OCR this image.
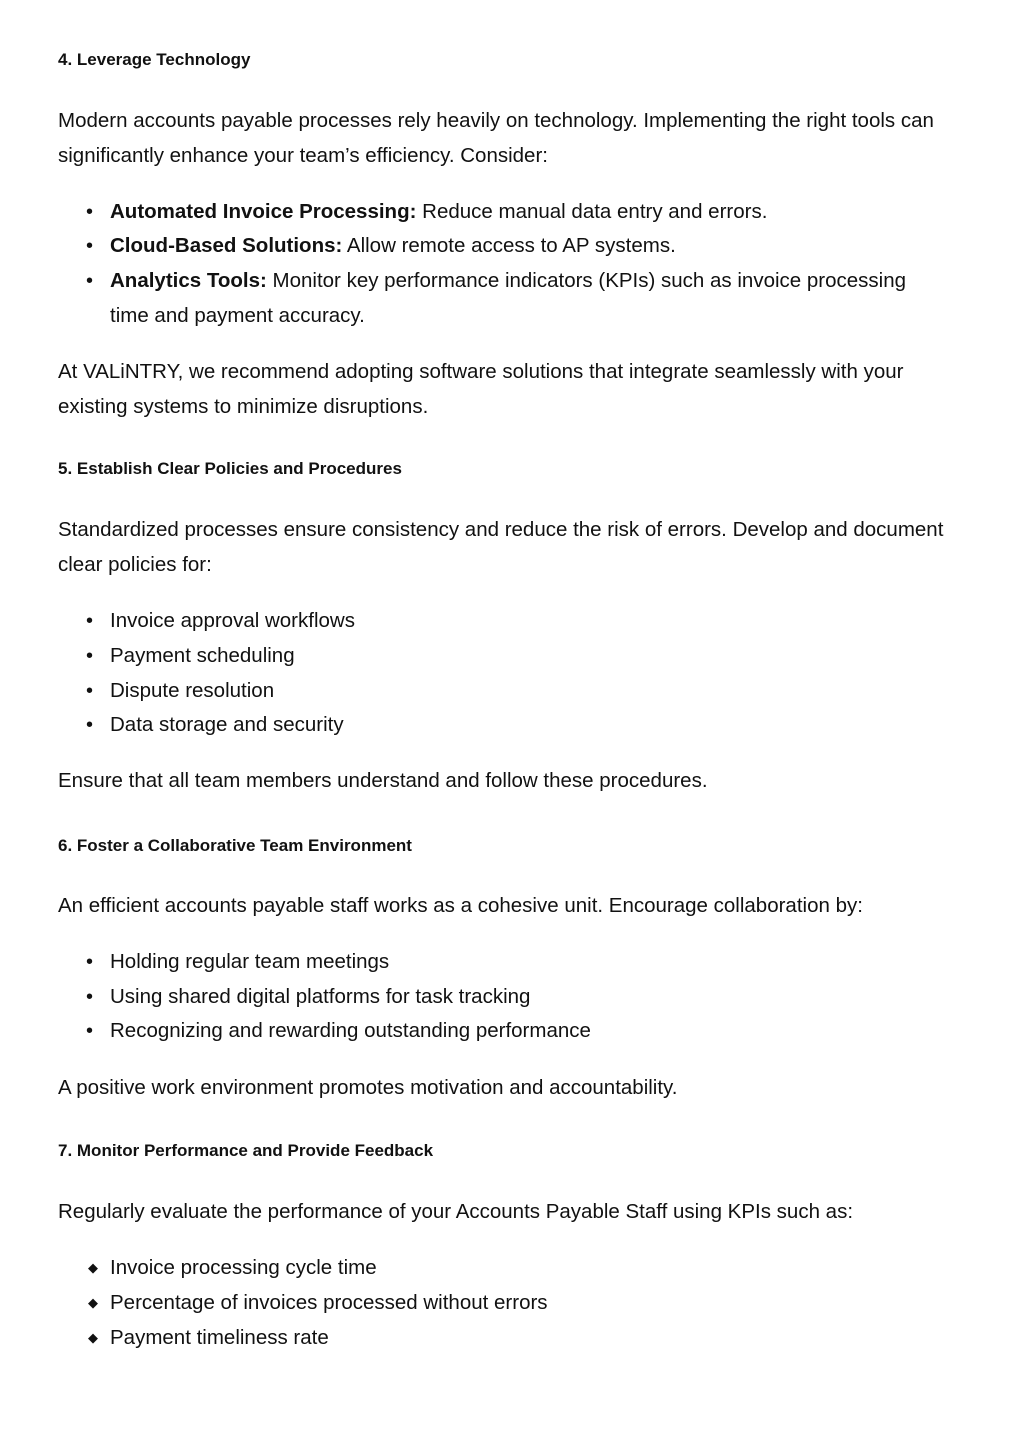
4. Leverage Technology
Modern accounts payable processes rely heavily on technology. Implementing the right tools can significantly enhance your team’s efficiency. Consider:
• Automated Invoice Processing: Reduce manual data entry and errors.
• Cloud-Based Solutions: Allow remote access to AP systems.
• Analytics Tools: Monitor key performance indicators (KPIs) such as invoice processing time and payment accuracy.
At VALiNTRY, we recommend adopting software solutions that integrate seamlessly with your existing systems to minimize disruptions.
5. Establish Clear Policies and Procedures
Standardized processes ensure consistency and reduce the risk of errors. Develop and document clear policies for:
• Invoice approval workflows
• Payment scheduling
• Dispute resolution
• Data storage and security
Ensure that all team members understand and follow these procedures.
6. Foster a Collaborative Team Environment
An efficient accounts payable staff works as a cohesive unit. Encourage collaboration by:
• Holding regular team meetings
• Using shared digital platforms for task tracking
• Recognizing and rewarding outstanding performance
A positive work environment promotes motivation and accountability.
7. Monitor Performance and Provide Feedback
Regularly evaluate the performance of your Accounts Payable Staff using KPIs such as:
◆ Invoice processing cycle time
◆ Percentage of invoices processed without errors
◆ Payment timeliness rate
